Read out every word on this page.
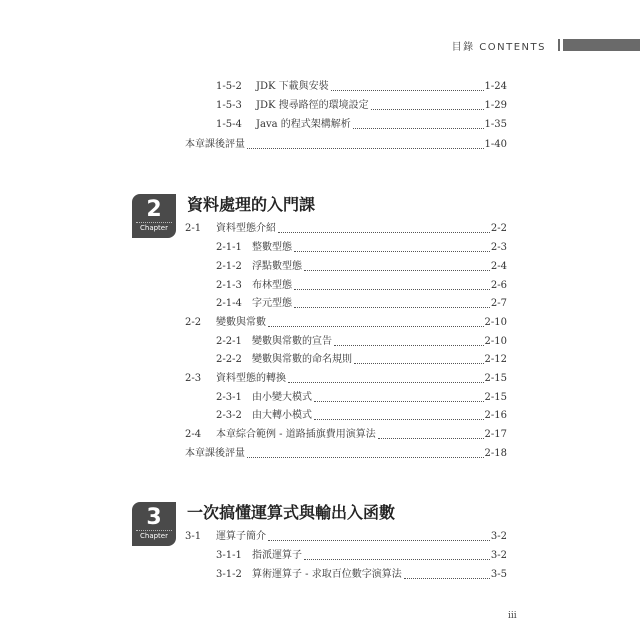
目錄 CONTENTS
1-5-2	JDK 下載與安裝	1-24
1-5-3	JDK 搜尋路徑的環境設定	1-29
1-5-4	Java 的程式架構解析	1-35
本章課後評量	1-40
2
Chapter
資料處理的入門課
2-1	資料型態介紹	2-2
2-1-1	整數型態	2-3
2-1-2	浮點數型態	2-4
2-1-3	布林型態	2-6
2-1-4	字元型態	2-7
2-2	變數與常數	2-10
2-2-1	變數與常數的宣告	2-10
2-2-2	變數與常數的命名規則	2-12
2-3	資料型態的轉換	2-15
2-3-1	由小變大模式	2-15
2-3-2	由大轉小模式	2-16
2-4	本章綜合範例 - 道路插旗費用演算法	2-17
本章課後評量	2-18
3
Chapter
一次搞懂運算式與輸出入函數
3-1	運算子簡介	3-2
3-1-1	指派運算子	3-2
3-1-2	算術運算子 - 求取百位數字演算法	3-5
iii
